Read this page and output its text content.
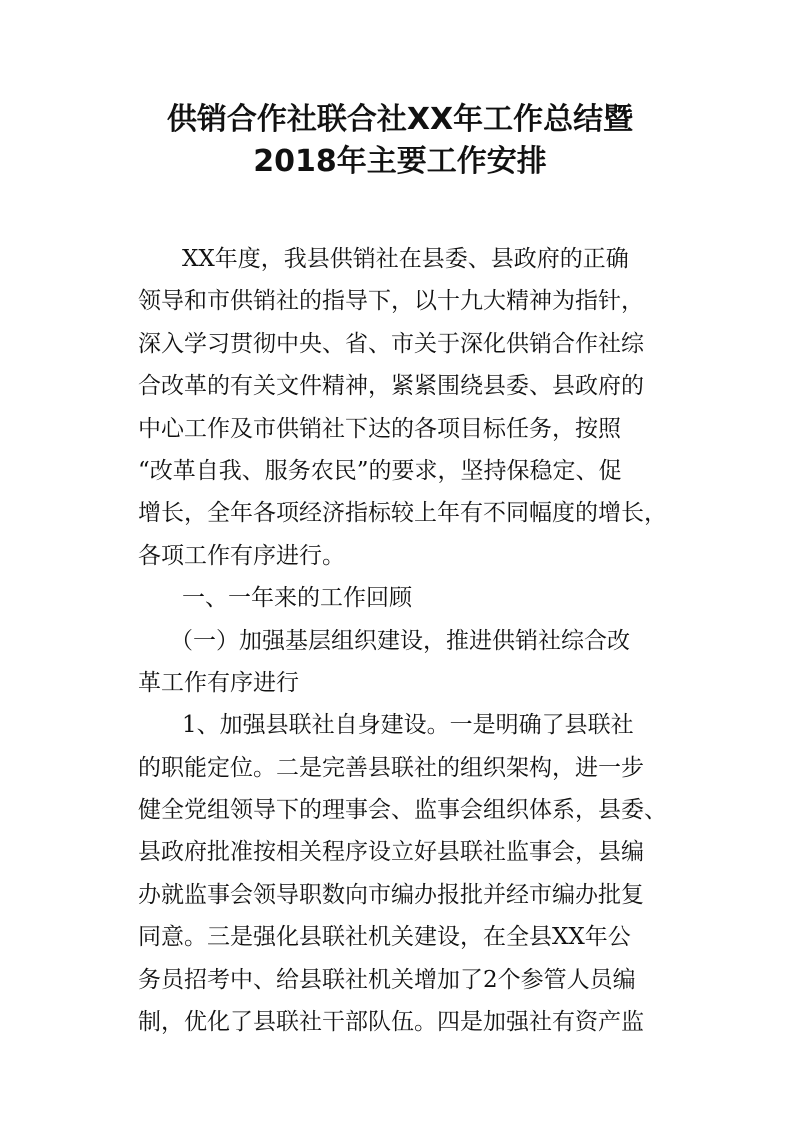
供销合作社联合社XX年工作总结暨
2018年主要工作安排
XX年度，我县供销社在县委、县政府的正确
领导和市供销社的指导下，以十九大精神为指针，
深入学习贯彻中央、省、市关于深化供销合作社综
合改革的有关文件精神，紧紧围绕县委、县政府的
中心工作及市供销社下达的各项目标任务，按照
“改革自我、服务农民”的要求，坚持保稳定、促
增长，全年各项经济指标较上年有不同幅度的增长，
各项工作有序进行。
一、一年来的工作回顾
（一）加强基层组织建设，推进供销社综合改
革工作有序进行
1、加强县联社自身建设。一是明确了县联社
的职能定位。二是完善县联社的组织架构，进一步
健全党组领导下的理事会、监事会组织体系，县委、
县政府批准按相关程序设立好县联社监事会，县编
办就监事会领导职数向市编办报批并经市编办批复
同意。三是强化县联社机关建设，在全县XX年公
务员招考中、给县联社机关增加了2个参管人员编
制，优化了县联社干部队伍。四是加强社有资产监
